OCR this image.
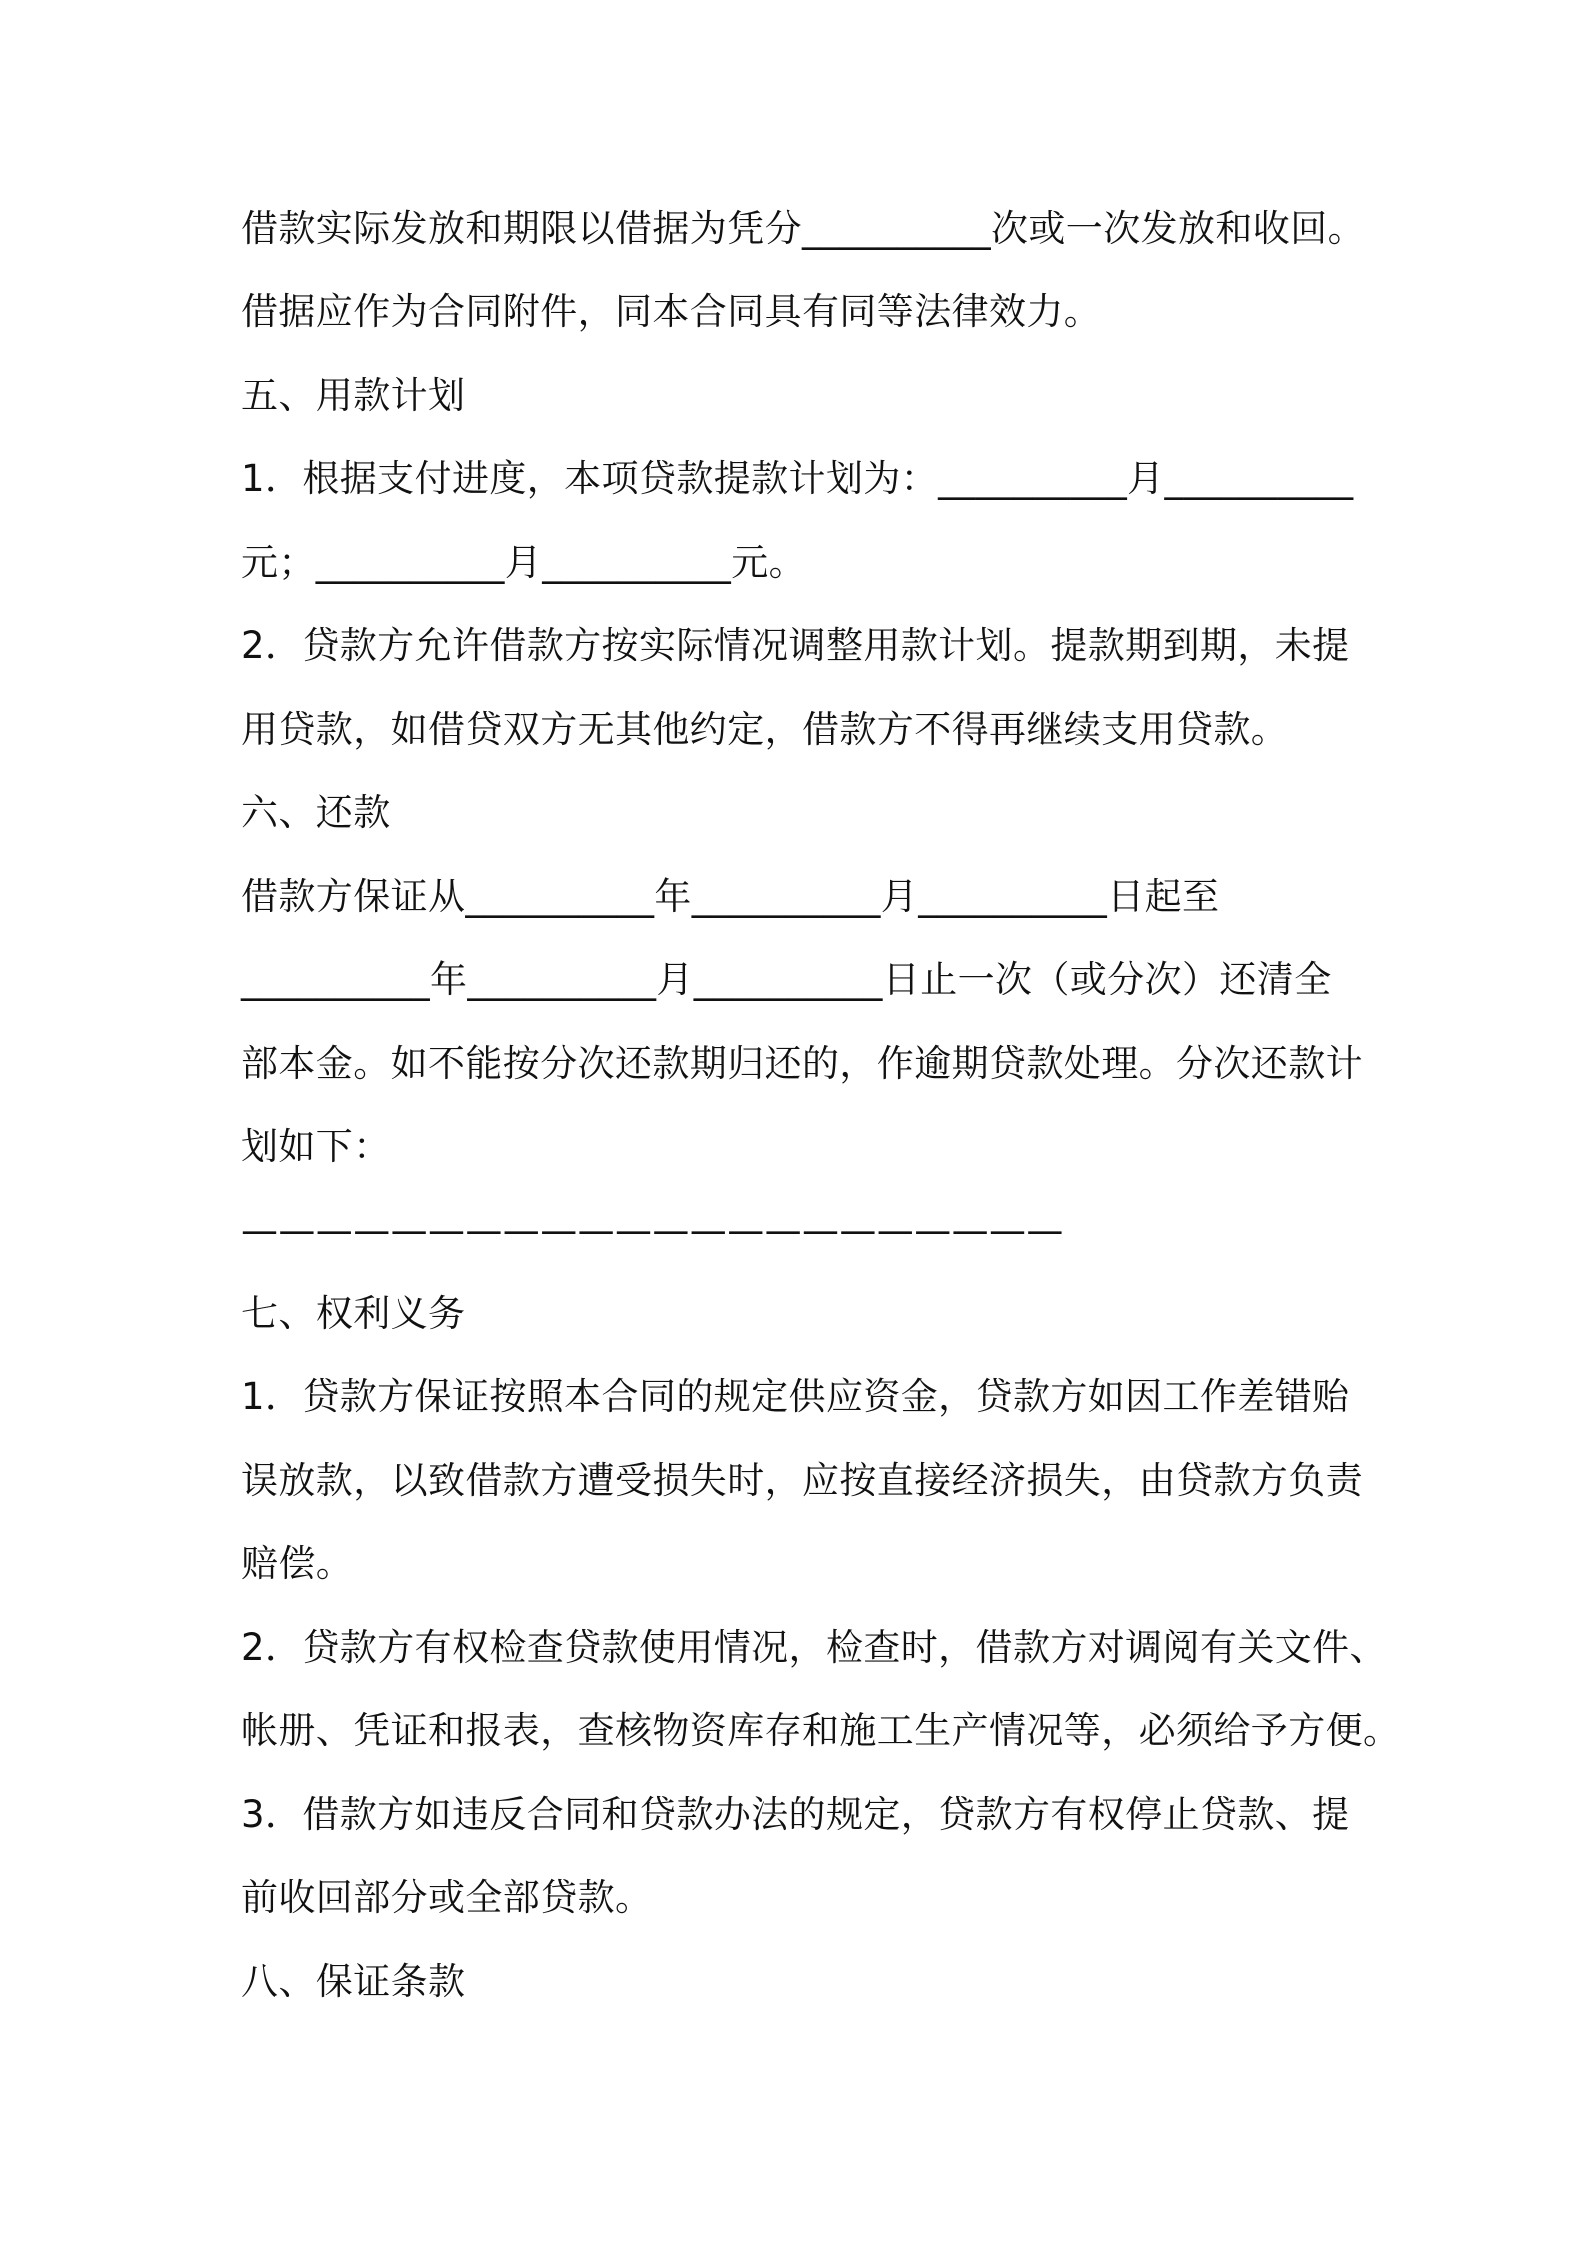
借款实际发放和期限以借据为凭分__________次或一次发放和收回。
借据应作为合同附件，同本合同具有同等法律效力。
五、用款计划
1．根据支付进度，本项贷款提款计划为：__________月__________
元；__________月__________元。
2．贷款方允许借款方按实际情况调整用款计划。提款期到期，未提
用贷款，如借贷双方无其他约定，借款方不得再继续支用贷款。
六、还款
借款方保证从__________年__________月__________日起至
__________年__________月__________日止一次（或分次）还清全
部本金。如不能按分次还款期归还的，作逾期贷款处理。分次还款计
划如下：
——————————————————————
七、权利义务
1．贷款方保证按照本合同的规定供应资金，贷款方如因工作差错贻
误放款，以致借款方遭受损失时，应按直接经济损失，由贷款方负责
赔偿。
2．贷款方有权检查贷款使用情况，检查时，借款方对调阅有关文件、
帐册、凭证和报表，查核物资库存和施工生产情况等，必须给予方便。
3．借款方如违反合同和贷款办法的规定，贷款方有权停止贷款、提
前收回部分或全部贷款。
八、保证条款
